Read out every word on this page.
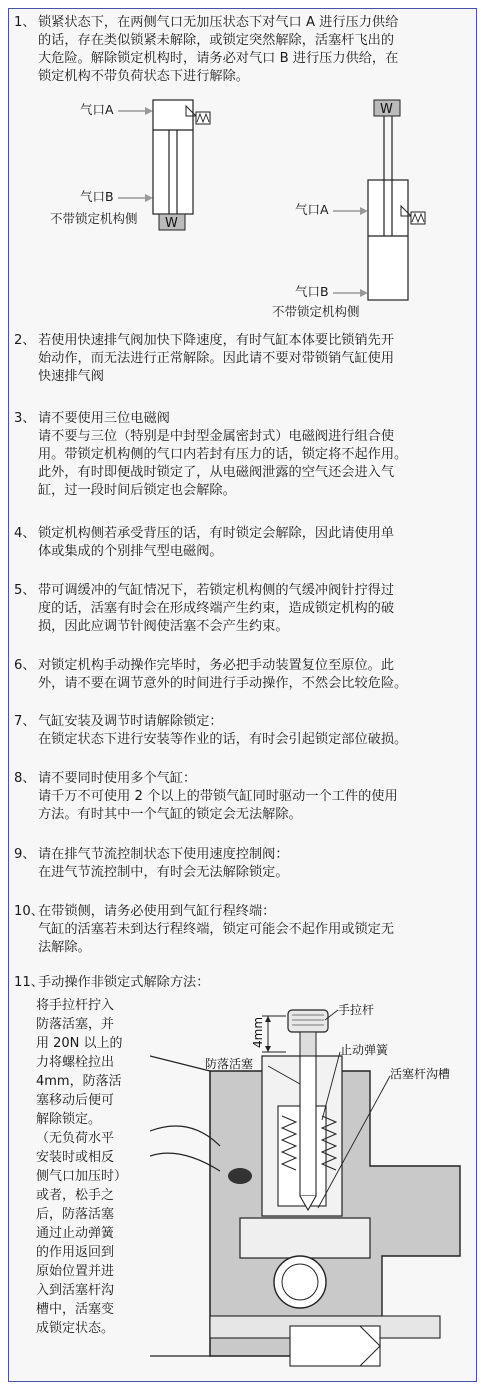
1、 锁紧状态下，在两侧气口无加压状态下对气口 A 进行压力供给
的话，存在类似锁紧未解除，或锁定突然解除，活塞杆飞出的
大危险。解除锁定机构时，请务必对气口 B 进行压力供给，在
锁定机构不带负荷状态下进行解除。
气口A
气口B
W
不带锁定机构侧
W
气口A
气口B
不带锁定机构侧
2、 若使用快速排气阀加快下降速度，有时气缸本体要比锁销先开
始动作，而无法进行正常解除。因此请不要对带锁销气缸使用
快速排气阀
3、 请不要使用三位电磁阀
请不要与三位（特别是中封型金属密封式）电磁阀进行组合使
用。带锁定机构侧的气口内若封有压力的话，锁定将不起作用。
此外，有时即便战时锁定了，从电磁阀泄露的空气还会进入气
缸，过一段时间后锁定也会解除。
4、 锁定机构侧若承受背压的话，有时锁定会解除，因此请使用单
体或集成的个别排气型电磁阀。
5、 带可调缓冲的气缸情况下，若锁定机构侧的气缓冲阀针拧得过
度的话，活塞有时会在形成终端产生约束，造成锁定机构的破
损，因此应调节针阀使活塞不会产生约束。
6、 对锁定机构手动操作完毕时，务必把手动装置复位至原位。此
外，请不要在调节意外的时间进行手动操作，不然会比较危险。
7、 气缸安装及调节时请解除锁定：
在锁定状态下进行安装等作业的话，有时会引起锁定部位破损。
8、 请不要同时使用多个气缸：
请千万不可使用 2 个以上的带锁气缸同时驱动一个工件的使用
方法。有时其中一个气缸的锁定会无法解除。
9、 请在排气节流控制状态下使用速度控制阀：
在进气节流控制中，有时会无法解除锁定。
10、
在带锁侧，请务必使用到气缸行程终端：
气缸的活塞若未到达行程终端，锁定可能会不起作用或锁定无
法解除。
11、
手动操作非锁定式解除方法：
将手拉杆拧入
防落活塞，并
用 20N 以上的
力将螺栓拉出
4mm，防落活
塞移动后便可
解除锁定。
（无负荷水平
安装时或相反
侧气口加压时）
或者，松手之
后，防落活塞
通过止动弹簧
的作用返回到
原始位置并进
入到活塞杆沟
槽中，活塞变
成锁定状态。
4mm
手拉杆
防落活塞
止动弹簧
活塞杆沟槽
